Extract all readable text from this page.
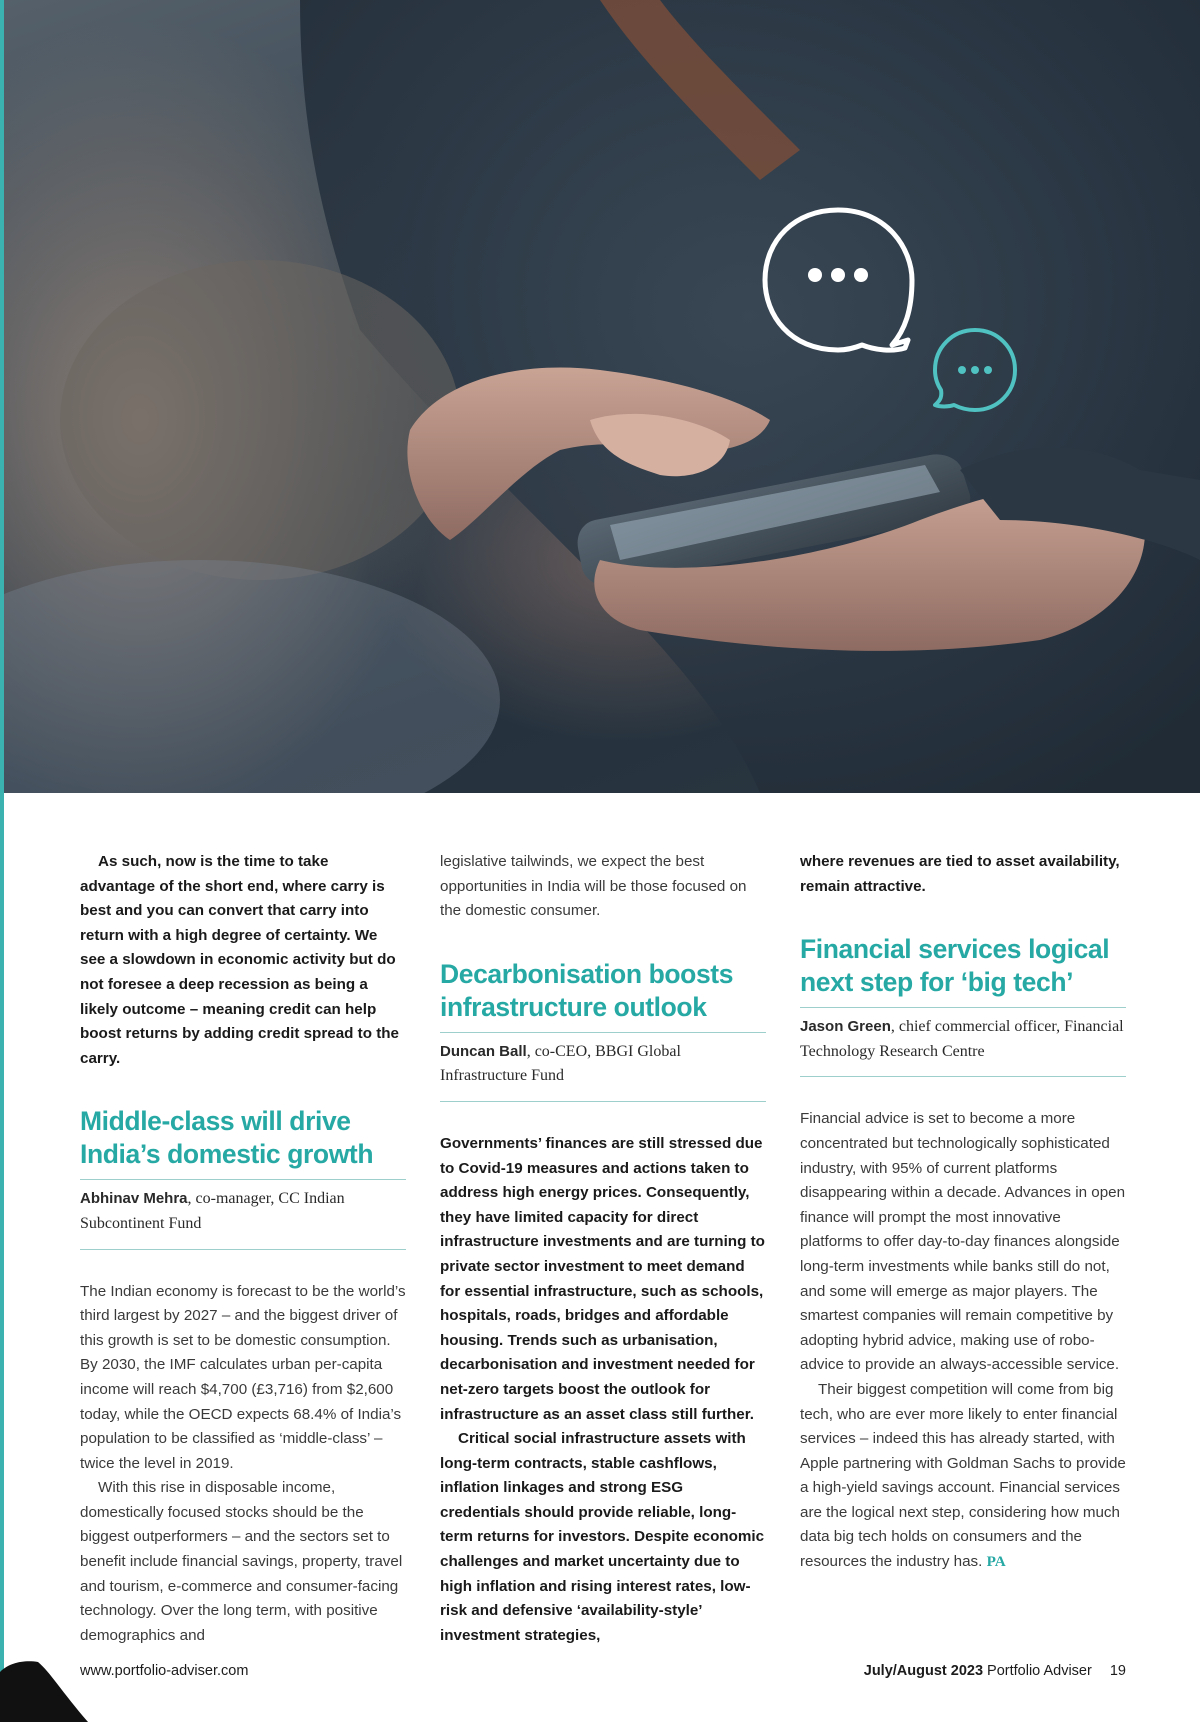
As such, now is the time to take advantage of the short end, where carry is best and you can convert that carry into return with a high degree of certainty. We see a slowdown in economic activity but do not foresee a deep recession as being a likely outcome – meaning credit can help boost returns by adding credit spread to the carry.

Middle-class will drive India’s domestic growth
Abhinav Mehra, co-manager, CC Indian Subcontinent Fund

The Indian economy is forecast to be the world’s third largest by 2027 – and the biggest driver of this growth is set to be domestic consumption. By 2030, the IMF calculates urban per-capita income will reach $4,700 (£3,716) from $2,600 today, while the OECD expects 68.4% of India’s population to be classified as ‘middle-class’ – twice the level in 2019.

With this rise in disposable income, domestically focused stocks should be the biggest outperformers – and the sectors set to benefit include financial savings, property, travel and tourism, e-commerce and consumer-facing technology. Over the long term, with positive demographics and

legislative tailwinds, we expect the best opportunities in India will be those focused on the domestic consumer.

Decarbonisation boosts infrastructure outlook
Duncan Ball, co-CEO, BBGI Global Infrastructure Fund

Governments’ finances are still stressed due to Covid-19 measures and actions taken to address high energy prices. Consequently, they have limited capacity for direct infrastructure investments and are turning to private sector investment to meet demand for essential infrastructure, such as schools, hospitals, roads, bridges and affordable housing. Trends such as urbanisation, decarbonisation and investment needed for net-zero targets boost the outlook for infrastructure as an asset class still further.

Critical social infrastructure assets with long-term contracts, stable cashflows, inflation linkages and strong ESG credentials should provide reliable, long-term returns for investors. Despite economic challenges and market uncertainty due to high inflation and rising interest rates, low-risk and defensive ‘availability-style’ investment strategies,

where revenues are tied to asset availability, remain attractive.

Financial services logical next step for ‘big tech’
Jason Green, chief commercial officer, Financial Technology Research Centre

Financial advice is set to become a more concentrated but technologically sophisticated industry, with 95% of current platforms disappearing within a decade. Advances in open finance will prompt the most innovative platforms to offer day-to-day finances alongside long-term investments while banks still do not, and some will emerge as major players. The smartest companies will remain competitive by adopting hybrid advice, making use of robo-advice to provide an always-accessible service.

Their biggest competition will come from big tech, who are ever more likely to enter financial services – indeed this has already started, with Apple partnering with Goldman Sachs to provide a high-yield savings account. Financial services are the logical next step, considering how much data big tech holds on consumers and the resources the industry has. PA

www.portfolio-adviser.com	July/August 2023 Portfolio Adviser 19
